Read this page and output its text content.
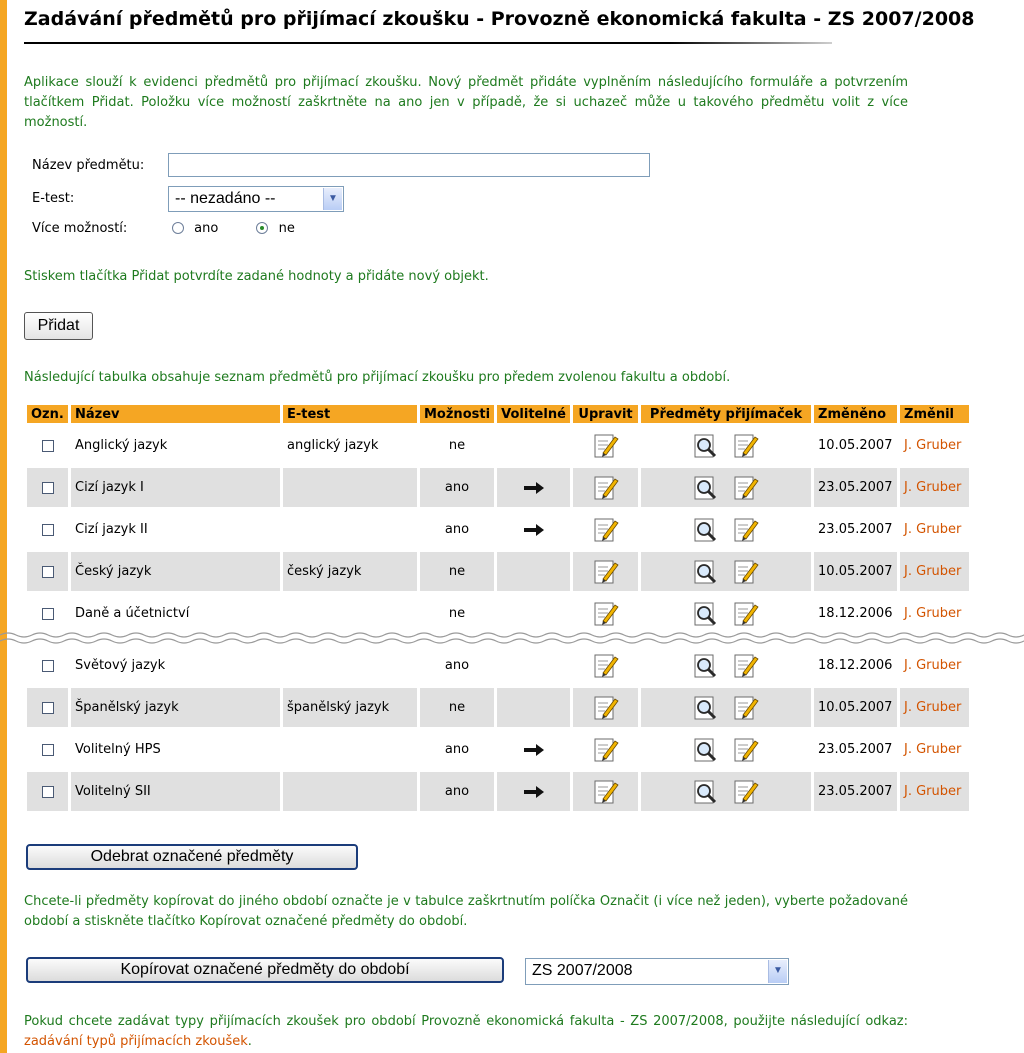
Zadávání předmětů pro přijímací zkoušku - Provozně ekonomická fakulta - ZS 2007/2008
Aplikace slouží k evidenci předmětů pro přijímací zkoušku. Nový předmět přidáte vyplněním následujícího formuláře a potvrzením tlačítkem Přidat. Položku více možností zaškrtněte na ano jen v případě, že si uchazeč může u takového předmětu volit z více možností.
Název předmětu:
E-test:	-- nezadáno --	▼
Více možností:	ano	ne
Stiskem tlačítka Přidat potvrdíte zadané hodnoty a přidáte nový objekt.
Přidat
Následující tabulka obsahuje seznam předmětů pro přijímací zkoušku pro předem zvolenou fakultu a období.
Ozn.	Název	E-test	Možnosti	Volitelné	Upravit	Předměty přijímaček	Změněno	Změnil
	Anglický jazyk	anglický jazyk	ne				10.05.2007	J. Gruber
	Cizí jazyk I		ano				23.05.2007	J. Gruber
	Cizí jazyk II		ano				23.05.2007	J. Gruber
	Český jazyk	český jazyk	ne				10.05.2007	J. Gruber
	Daně a účetnictví		ne				18.12.2006	J. Gruber
	Světový jazyk		ano				18.12.2006	J. Gruber
	Španělský jazyk	španělský jazyk	ne				10.05.2007	J. Gruber
	Volitelný HPS		ano				23.05.2007	J. Gruber
	Volitelný SII		ano				23.05.2007	J. Gruber
Odebrat označené předměty
Chcete-li předměty kopírovat do jiného období označte je v tabulce zaškrtnutím políčka Označit (i více než jeden), vyberte požadované období a stiskněte tlačítko Kopírovat označené předměty do období.
Kopírovat označené předměty do období	ZS 2007/2008	▼
Pokud chcete zadávat typy přijímacích zkoušek pro období Provozně ekonomická fakulta - ZS 2007/2008, použijte následující odkaz: zadávání typů přijímacích zkoušek.
